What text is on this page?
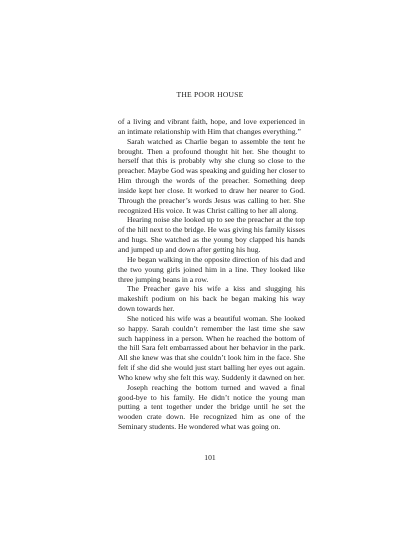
THE POOR HOUSE

of a living and vibrant faith, hope, and love experienced in an intimate relationship with Him that changes everything.”

Sarah watched as Charlie began to assemble the tent he brought. Then a profound thought hit her. She thought to herself that this is probably why she clung so close to the preacher. Maybe God was speaking and guiding her closer to Him through the words of the preacher. Something deep inside kept her close. It worked to draw her nearer to God. Through the preacher’s words Jesus was calling to her. She recognized His voice. It was Christ calling to her all along.

Hearing noise she looked up to see the preacher at the top of the hill next to the bridge. He was giving his family kisses and hugs. She watched as the young boy clapped his hands and jumped up and down after getting his hug.

He began walking in the opposite direction of his dad and the two young girls joined him in a line. They looked like three jumping beans in a row.

The Preacher gave his wife a kiss and slugging his makeshift podium on his back he began making his way down towards her.

She noticed his wife was a beautiful woman. She looked so happy. Sarah couldn’t remember the last time she saw such happiness in a person. When he reached the bottom of the hill Sara felt embarrassed about her behavior in the park. All she knew was that she couldn’t look him in the face. She felt if she did she would just start balling her eyes out again. Who knew why she felt this way. Suddenly it dawned on her.

Joseph reaching the bottom turned and waved a final good-bye to his family. He didn’t notice the young man putting a tent together under the bridge until he set the wooden crate down. He recognized him as one of the Seminary students. He wondered what was going on.

101
